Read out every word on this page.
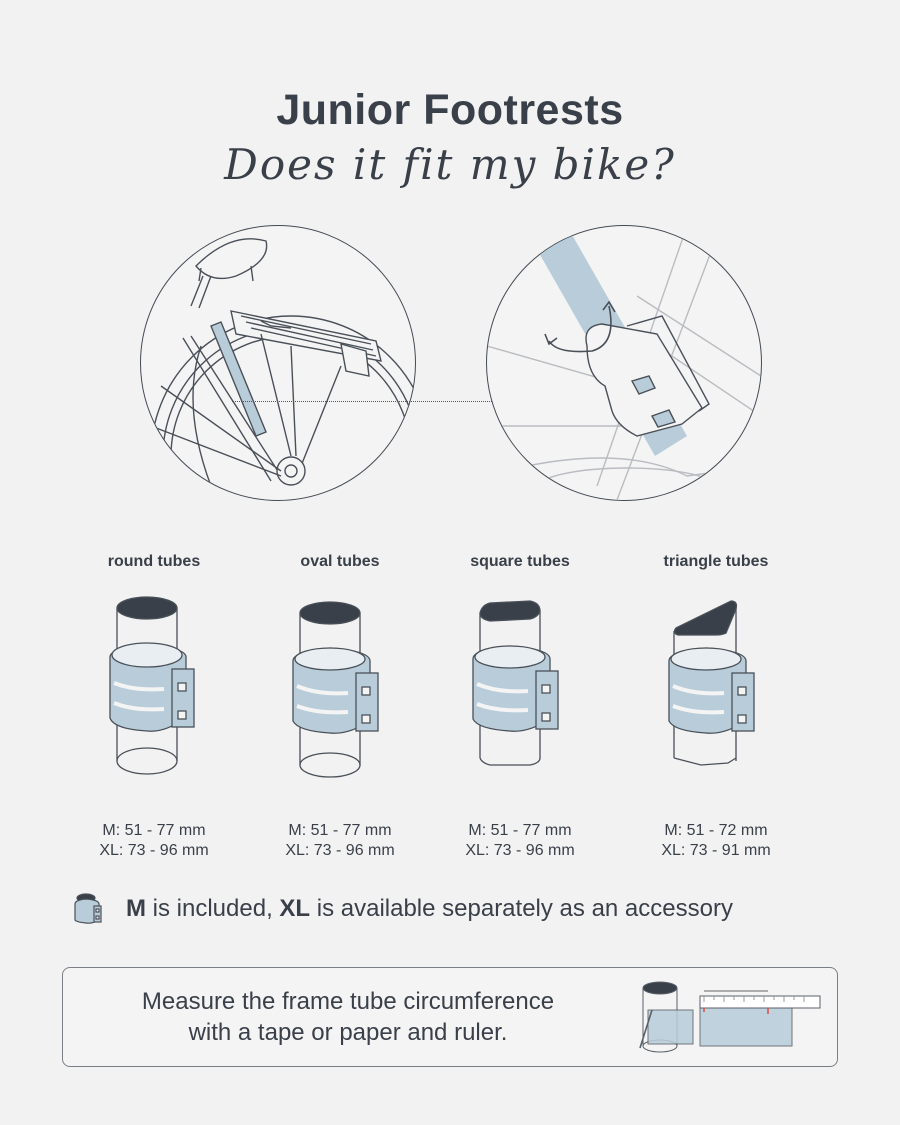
Junior Footrests
Does it fit my bike?
round tubes
M: 51 - 77 mm
XL: 73 - 96 mm
oval tubes
M: 51 - 77 mm
XL: 73 - 96 mm
square tubes
M: 51 - 77 mm
XL: 73 - 96 mm
triangle tubes
M: 51 - 72 mm
XL: 73 - 91 mm
M is included, XL is available separately as an accessory
Measure the frame tube circumference
with a tape or paper and ruler.
